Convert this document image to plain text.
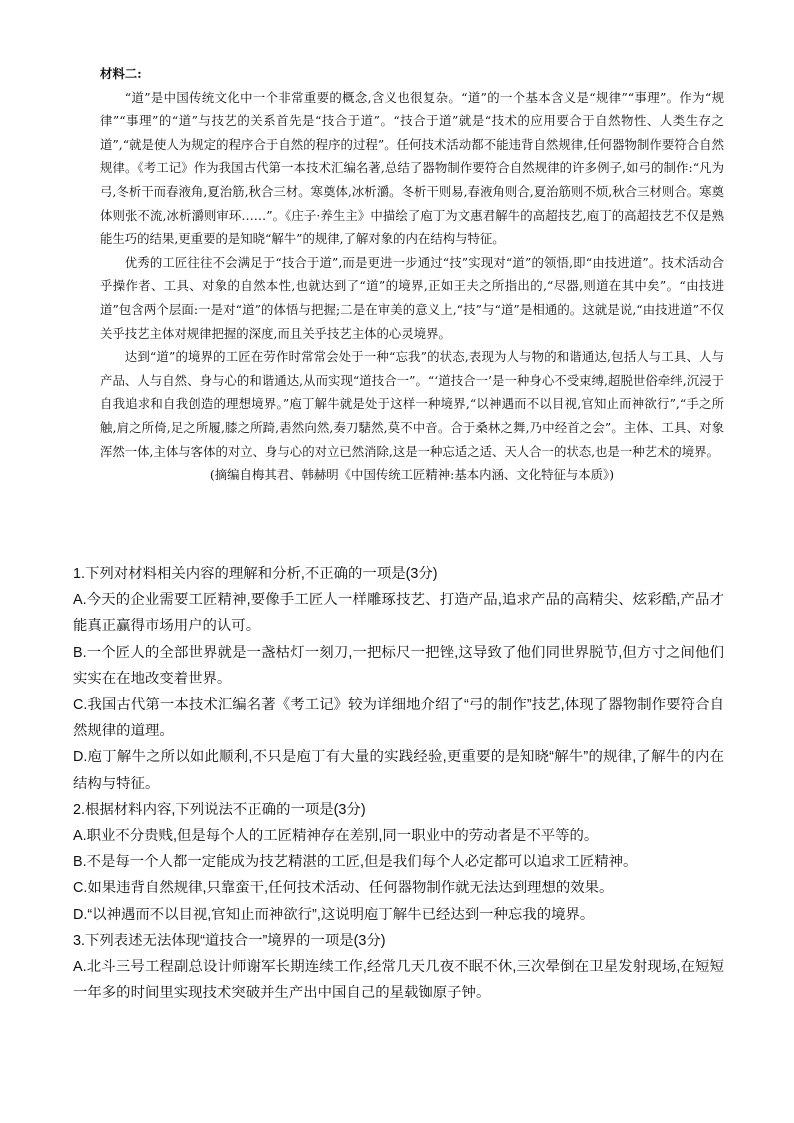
材料二:

“道”是中国传统文化中一个非常重要的概念,含义也很复杂。“道”的一个基本含义是“规律”“事理”。作为“规律”“事理”的“道”与技艺的关系首先是“技合于道”。“技合于道”就是“技术的应用要合于自然物性、人类生存之道”,“就是使人为规定的程序合于自然的程序的过程”。任何技术活动都不能违背自然规律,任何器物制作要符合自然规律。《考工记》作为我国古代第一本技术汇编名著,总结了器物制作要符合自然规律的许多例子,如弓的制作:“凡为弓,冬析干而春液角,夏治筋,秋合三材。寒奠体,冰析灂。冬析干则易,春液角则合,夏治筋则不烦,秋合三材则合。寒奠体则张不流,冰析灂则审环……”。《庄子·养生主》中描绘了庖丁为文惠君解牛的高超技艺,庖丁的高超技艺不仅是熟能生巧的结果,更重要的是知晓“解牛”的规律,了解对象的内在结构与特征。

优秀的工匠往往不会满足于“技合于道”,而是更进一步通过“技”实现对“道”的领悟,即“由技进道”。技术活动合乎操作者、工具、对象的自然本性,也就达到了“道”的境界,正如王夫之所指出的,“尽器,则道在其中矣”。“由技进道”包含两个层面:一是对“道”的体悟与把握;二是在审美的意义上,“技”与“道”是相通的。这就是说,“由技进道”不仅关乎技艺主体对规律把握的深度,而且关乎技艺主体的心灵境界。

达到“道”的境界的工匠在劳作时常常会处于一种“忘我”的状态,表现为人与物的和谐通达,包括人与工具、人与产品、人与自然、身与心的和谐通达,从而实现“道技合一”。“‘道技合一’是一种身心不受束缚,超脱世俗牵绊,沉浸于自我追求和自我创造的理想境界。”庖丁解牛就是处于这样一种境界,“以神遇而不以目视,官知止而神欲行”,“手之所触,肩之所倚,足之所履,膝之所踦,砉然向然,奏刀騞然,莫不中音。合于桑林之舞,乃中经首之会”。主体、工具、对象浑然一体,主体与客体的对立、身与心的对立已然消除,这是一种忘适之适、天人合一的状态,也是一种艺术的境界。

(摘编自梅其君、韩赫明《中国传统工匠精神:基本内涵、文化特征与本质》)

1.下列对材料相关内容的理解和分析,不正确的一项是(3分)

A.今天的企业需要工匠精神,要像手工匠人一样雕琢技艺、打造产品,追求产品的高精尖、炫彩酷,产品才能真正赢得市场用户的认可。

B.一个匠人的全部世界就是一盏枯灯一刻刀,一把标尺一把锉,这导致了他们同世界脱节,但方寸之间他们实实在在地改变着世界。

C.我国古代第一本技术汇编名著《考工记》较为详细地介绍了“弓的制作”技艺,体现了器物制作要符合自然规律的道理。

D.庖丁解牛之所以如此顺利,不只是庖丁有大量的实践经验,更重要的是知晓“解牛”的规律,了解牛的内在结构与特征。

2.根据材料内容,下列说法不正确的一项是(3分)

A.职业不分贵贱,但是每个人的工匠精神存在差别,同一职业中的劳动者是不平等的。

B.不是每一个人都一定能成为技艺精湛的工匠,但是我们每个人必定都可以追求工匠精神。

C.如果违背自然规律,只靠蛮干,任何技术活动、任何器物制作就无法达到理想的效果。

D.“以神遇而不以目视,官知止而神欲行”,这说明庖丁解牛已经达到一种忘我的境界。

3.下列表述无法体现“道技合一”境界的一项是(3分)

A.北斗三号工程副总设计师谢军长期连续工作,经常几天几夜不眠不休,三次晕倒在卫星发射现场,在短短一年多的时间里实现技术突破并生产出中国自己的星载铷原子钟。
